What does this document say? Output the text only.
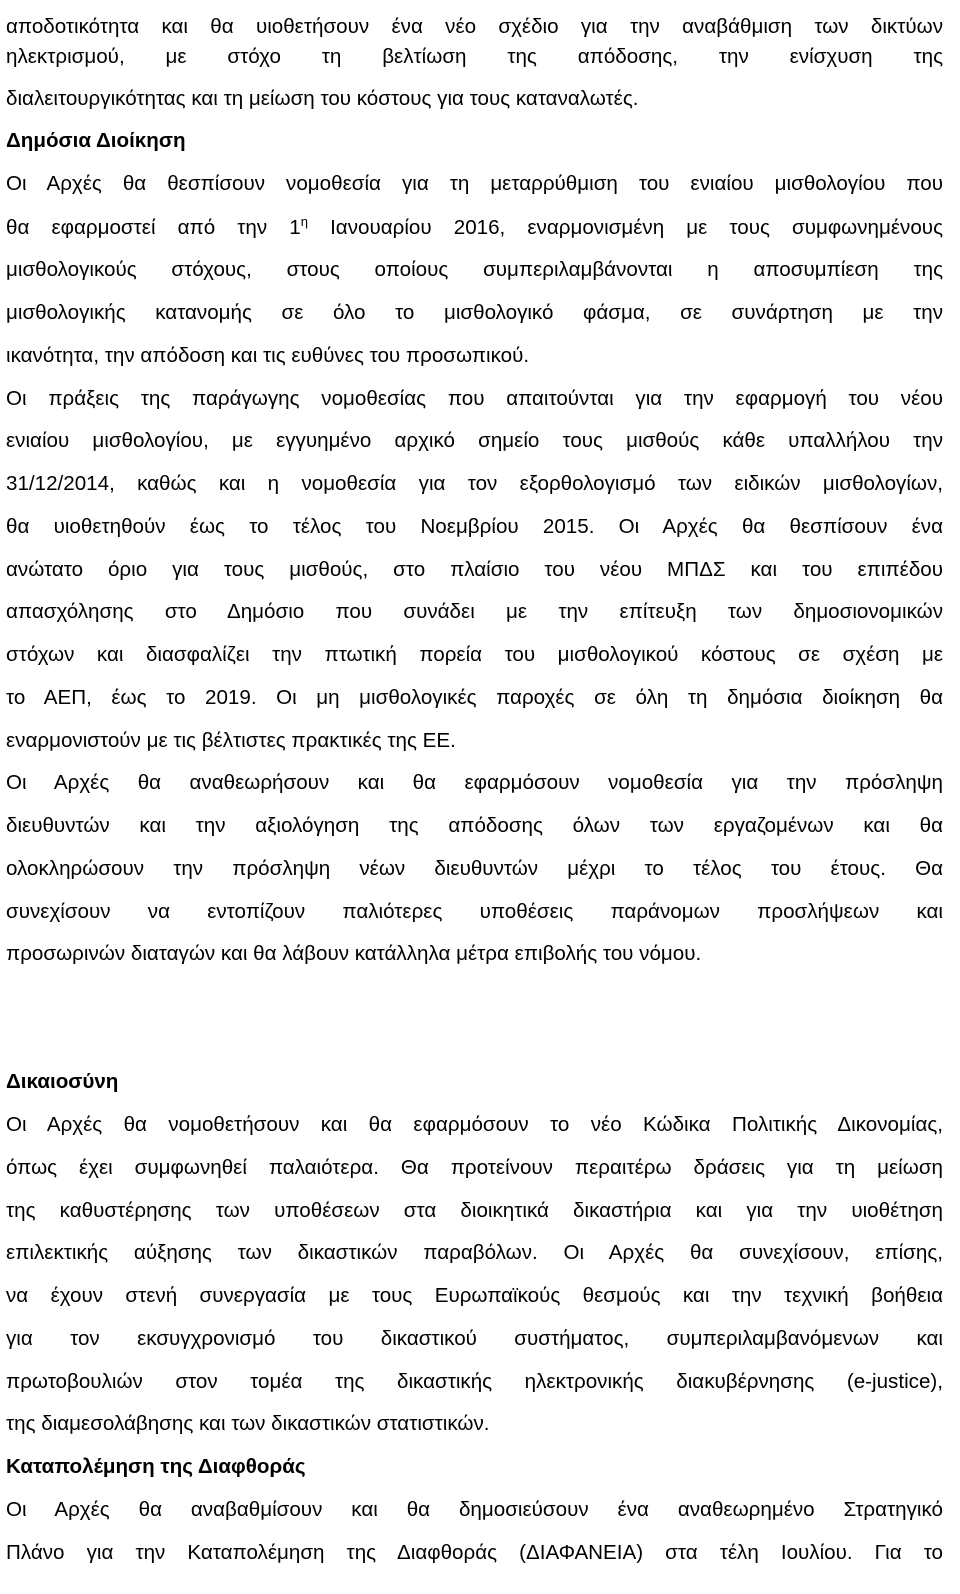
αποδοτικότητα και θα υιοθετήσουν ένα νέο σχέδιο για την αναβάθμιση των δικτύων
ηλεκτρισμού, με στόχο τη βελτίωση της απόδοσης, την ενίσχυση της
διαλειτουργικότητας και τη μείωση του κόστους για τους καταναλωτές.
Δημόσια Διοίκηση
Οι Αρχές θα θεσπίσουν νομοθεσία για τη μεταρρύθμιση του ενιαίου μισθολογίου που
θα εφαρμοστεί από την $1^\eta$ Ιανουαρίου 2016, εναρμονισμένη με τους συμφωνημένους
μισθολογικούς στόχους, στους οποίους συμπεριλαμβάνονται η αποσυμπίεση της
μισθολογικής κατανομής σε όλο το μισθολογικό φάσμα, σε συνάρτηση με την
ικανότητα, την απόδοση και τις ευθύνες του προσωπικού.
Οι πράξεις της παράγωγης νομοθεσίας που απαιτούνται για την εφαρμογή του νέου
ενιαίου μισθολογίου, με εγγυημένο αρχικό σημείο τους μισθούς κάθε υπαλλήλου την
31/12/2014, καθώς και η νομοθεσία για τον εξορθολογισμό των ειδικών μισθολογίων,
θα υιοθετηθούν έως το τέλος του Νοεμβρίου 2015. Οι Αρχές θα θεσπίσουν ένα
ανώτατο όριο για τους μισθούς, στο πλαίσιο του νέου ΜΠΔΣ και του επιπέδου
απασχόλησης στο Δημόσιο που συνάδει με την επίτευξη των δημοσιονομικών
στόχων και διασφαλίζει την πτωτική πορεία του μισθολογικού κόστους σε σχέση με
το ΑΕΠ, έως το 2019. Οι μη μισθολογικές παροχές σε όλη τη δημόσια διοίκηση θα
εναρμονιστούν με τις βέλτιστες πρακτικές της ΕΕ.
Οι Αρχές θα αναθεωρήσουν και θα εφαρμόσουν νομοθεσία για την πρόσληψη
διευθυντών και την αξιολόγηση της απόδοσης όλων των εργαζομένων και θα
ολοκληρώσουν την πρόσληψη νέων διευθυντών μέχρι το τέλος του έτους. Θα
συνεχίσουν να εντοπίζουν παλιότερες υποθέσεις παράνομων προσλήψεων και
προσωρινών διαταγών και θα λάβουν κατάλληλα μέτρα επιβολής του νόμου.
Δικαιοσύνη
Οι Αρχές θα νομοθετήσουν και θα εφαρμόσουν το νέο Κώδικα Πολιτικής Δικονομίας,
όπως έχει συμφωνηθεί παλαιότερα. Θα προτείνουν περαιτέρω δράσεις για τη μείωση
της καθυστέρησης των υποθέσεων στα διοικητικά δικαστήρια και για την υιοθέτηση
επιλεκτικής αύξησης των δικαστικών παραβόλων. Οι Αρχές θα συνεχίσουν, επίσης,
να έχουν στενή συνεργασία με τους Ευρωπαϊκούς θεσμούς και την τεχνική βοήθεια
για τον εκσυγχρονισμό του δικαστικού συστήματος, συμπεριλαμβανόμενων και
πρωτοβουλιών στον τομέα της δικαστικής ηλεκτρονικής διακυβέρνησης (e-justice),
της διαμεσολάβησης και των δικαστικών στατιστικών.
Καταπολέμηση της Διαφθοράς
Οι Αρχές θα αναβαθμίσουν και θα δημοσιεύσουν ένα αναθεωρημένο Στρατηγικό
Πλάνο για την Καταπολέμηση της Διαφθοράς (ΔΙΑΦΑΝΕΙΑ) στα τέλη Ιουλίου. Για το
